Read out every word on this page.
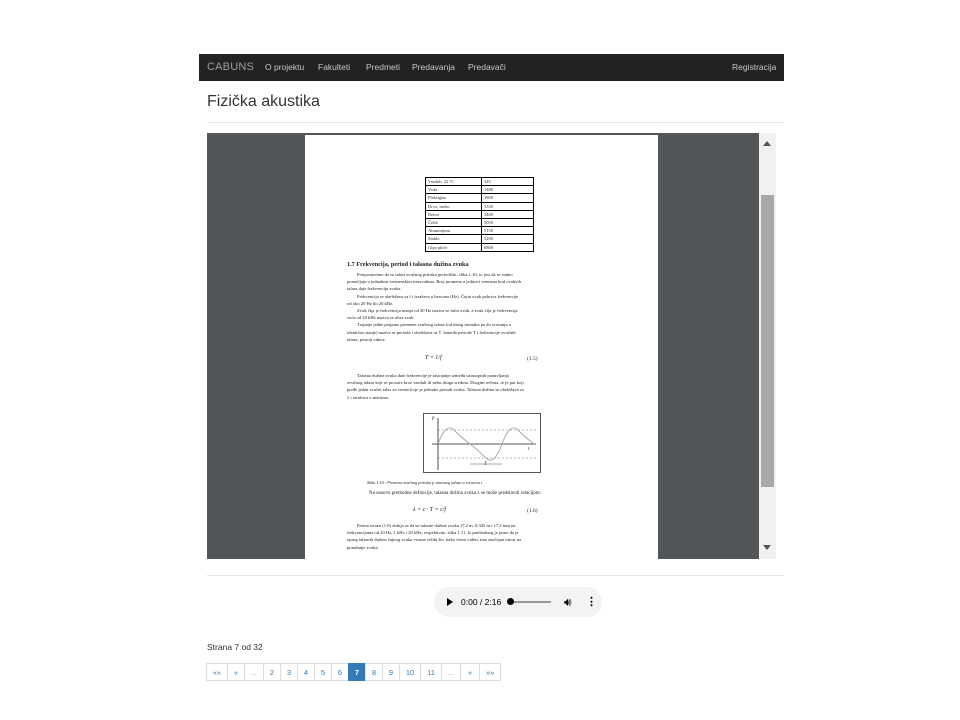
CABUNS O projektu Fakulteti Predmeti Predavanja Predavači	Registracija
Fizička akustika
Vazduh, 22 °C	345
Voda	1480
Pleksiglas	1800
Drvo, meko	3350
Beton	3400
Čelik	5050
Aluminijum	5150
Staklo	5200
Gips ploče	6800
1.7 Frekvencija, period i talasna dužina zvuka
Pretpostavimo da su talasi zvučnog pritiska periodični, slika 1.10, to jest da se stalno
ponavljaju u jednakim vremenskim intervalima. Broj promena u jedinici vremena kod ovakvih
talasa daje frekvenciju zvuka.
Frekvencija se obeležava sa f i izražava u hercima (Hz). Čujni zvuk pokriva frekvencije
od oko 20 Hz do 20 kHz.
Zvuk čija je frekvencija manja od 20 Hz naziva se infra zvuk, a zvuk čija je frekvencija
veća od 20 kHz naziva se ultra zvuk.
Trajanje jedne potpune promene zvučnog talasa (od datog trenutka pa do vraćanja u
identično stanje) naziva se perioda i obeležava sa T. Između periode T i frekvencije zvučnih
talasa, postoji odnos:
T = 1/f	(1.5)
Talasna dužina zvuka date frekvencije je rastojanje između uzastopnih ponavljanja
zvučnog talasa koji se prostire kroz vazduh ili neku drugu sredinu. Drugim rečima, to je put koji
pređe jedan zvučni talas za vreme koje je jednako periodi zvuka. Talasna dužina se obeležava sa
λ i izražava u metrima.
p
t
T
Slika 1.10 - Promena zvučnog pritiska p sinusnog talasa u vremenu t
Na osnovu prethodne definicije, talasna dužina zvuka λ se može predstaviti relacijom:
λ = c · T = c/f	(1.6)
Prema izrazu (1.6) dobija se da su talasne dužine zvuka 17,2 m, 0,345 m i 17,2 mm na
frekvencijama od 20 Hz, 1 kHz i 20 kHz, respektivno, slika 1.11. Iz prethodnog je jasno da je
opseg talasnih dužina čujnog zvuka veoma veliki što, kako ćemo videti, ima značajan uticaj na
ponašanje zvuka.
0:00 / 2:16	🔊︎ ⋮
Strana 7 od 32
««	«	...	2	3	4	5	6	7	8	9	10	11	...	»	»»
